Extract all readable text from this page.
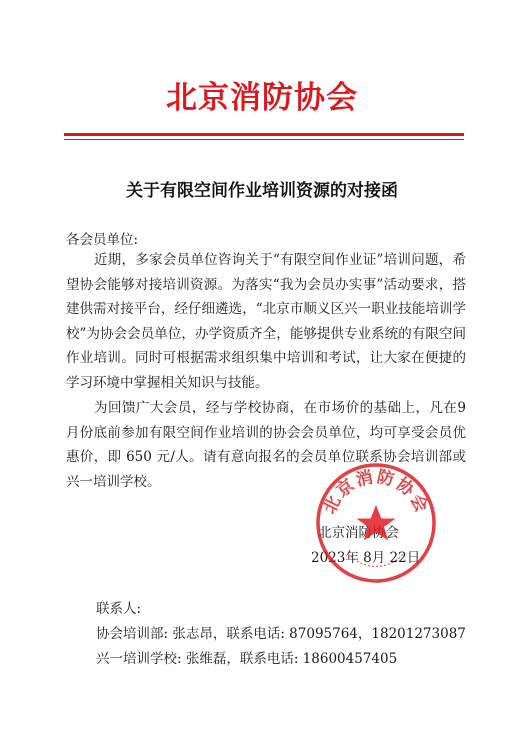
北京消防协会
关于有限空间作业培训资源的对接函
各会员单位:

近期，多家会员单位咨询关于“有限空间作业证”培训问题，希望协会能够对接培训资源。为落实“我为会员办实事”活动要求，搭建供需对接平台，经仔细遴选，“北京市顺义区兴一职业技能培训学校”为协会会员单位，办学资质齐全，能够提供专业系统的有限空间作业培训。同时可根据需求组织集中培训和考试，让大家在便捷的学习环境中掌握相关知识与技能。

为回馈广大会员，经与学校协商，在市场价的基础上，凡在9月份底前参加有限空间作业培训的协会会员单位，均可享受会员优惠价，即 650 元/人。请有意向报名的会员单位联系协会培训部或兴一培训学校。

北京消防协会
2023年 8月 22日
北京消防协会
联系人:
协会培训部: 张志昂，联系电话: 87095764，18201273087
兴一培训学校: 张维磊，联系电话: 18600457405
